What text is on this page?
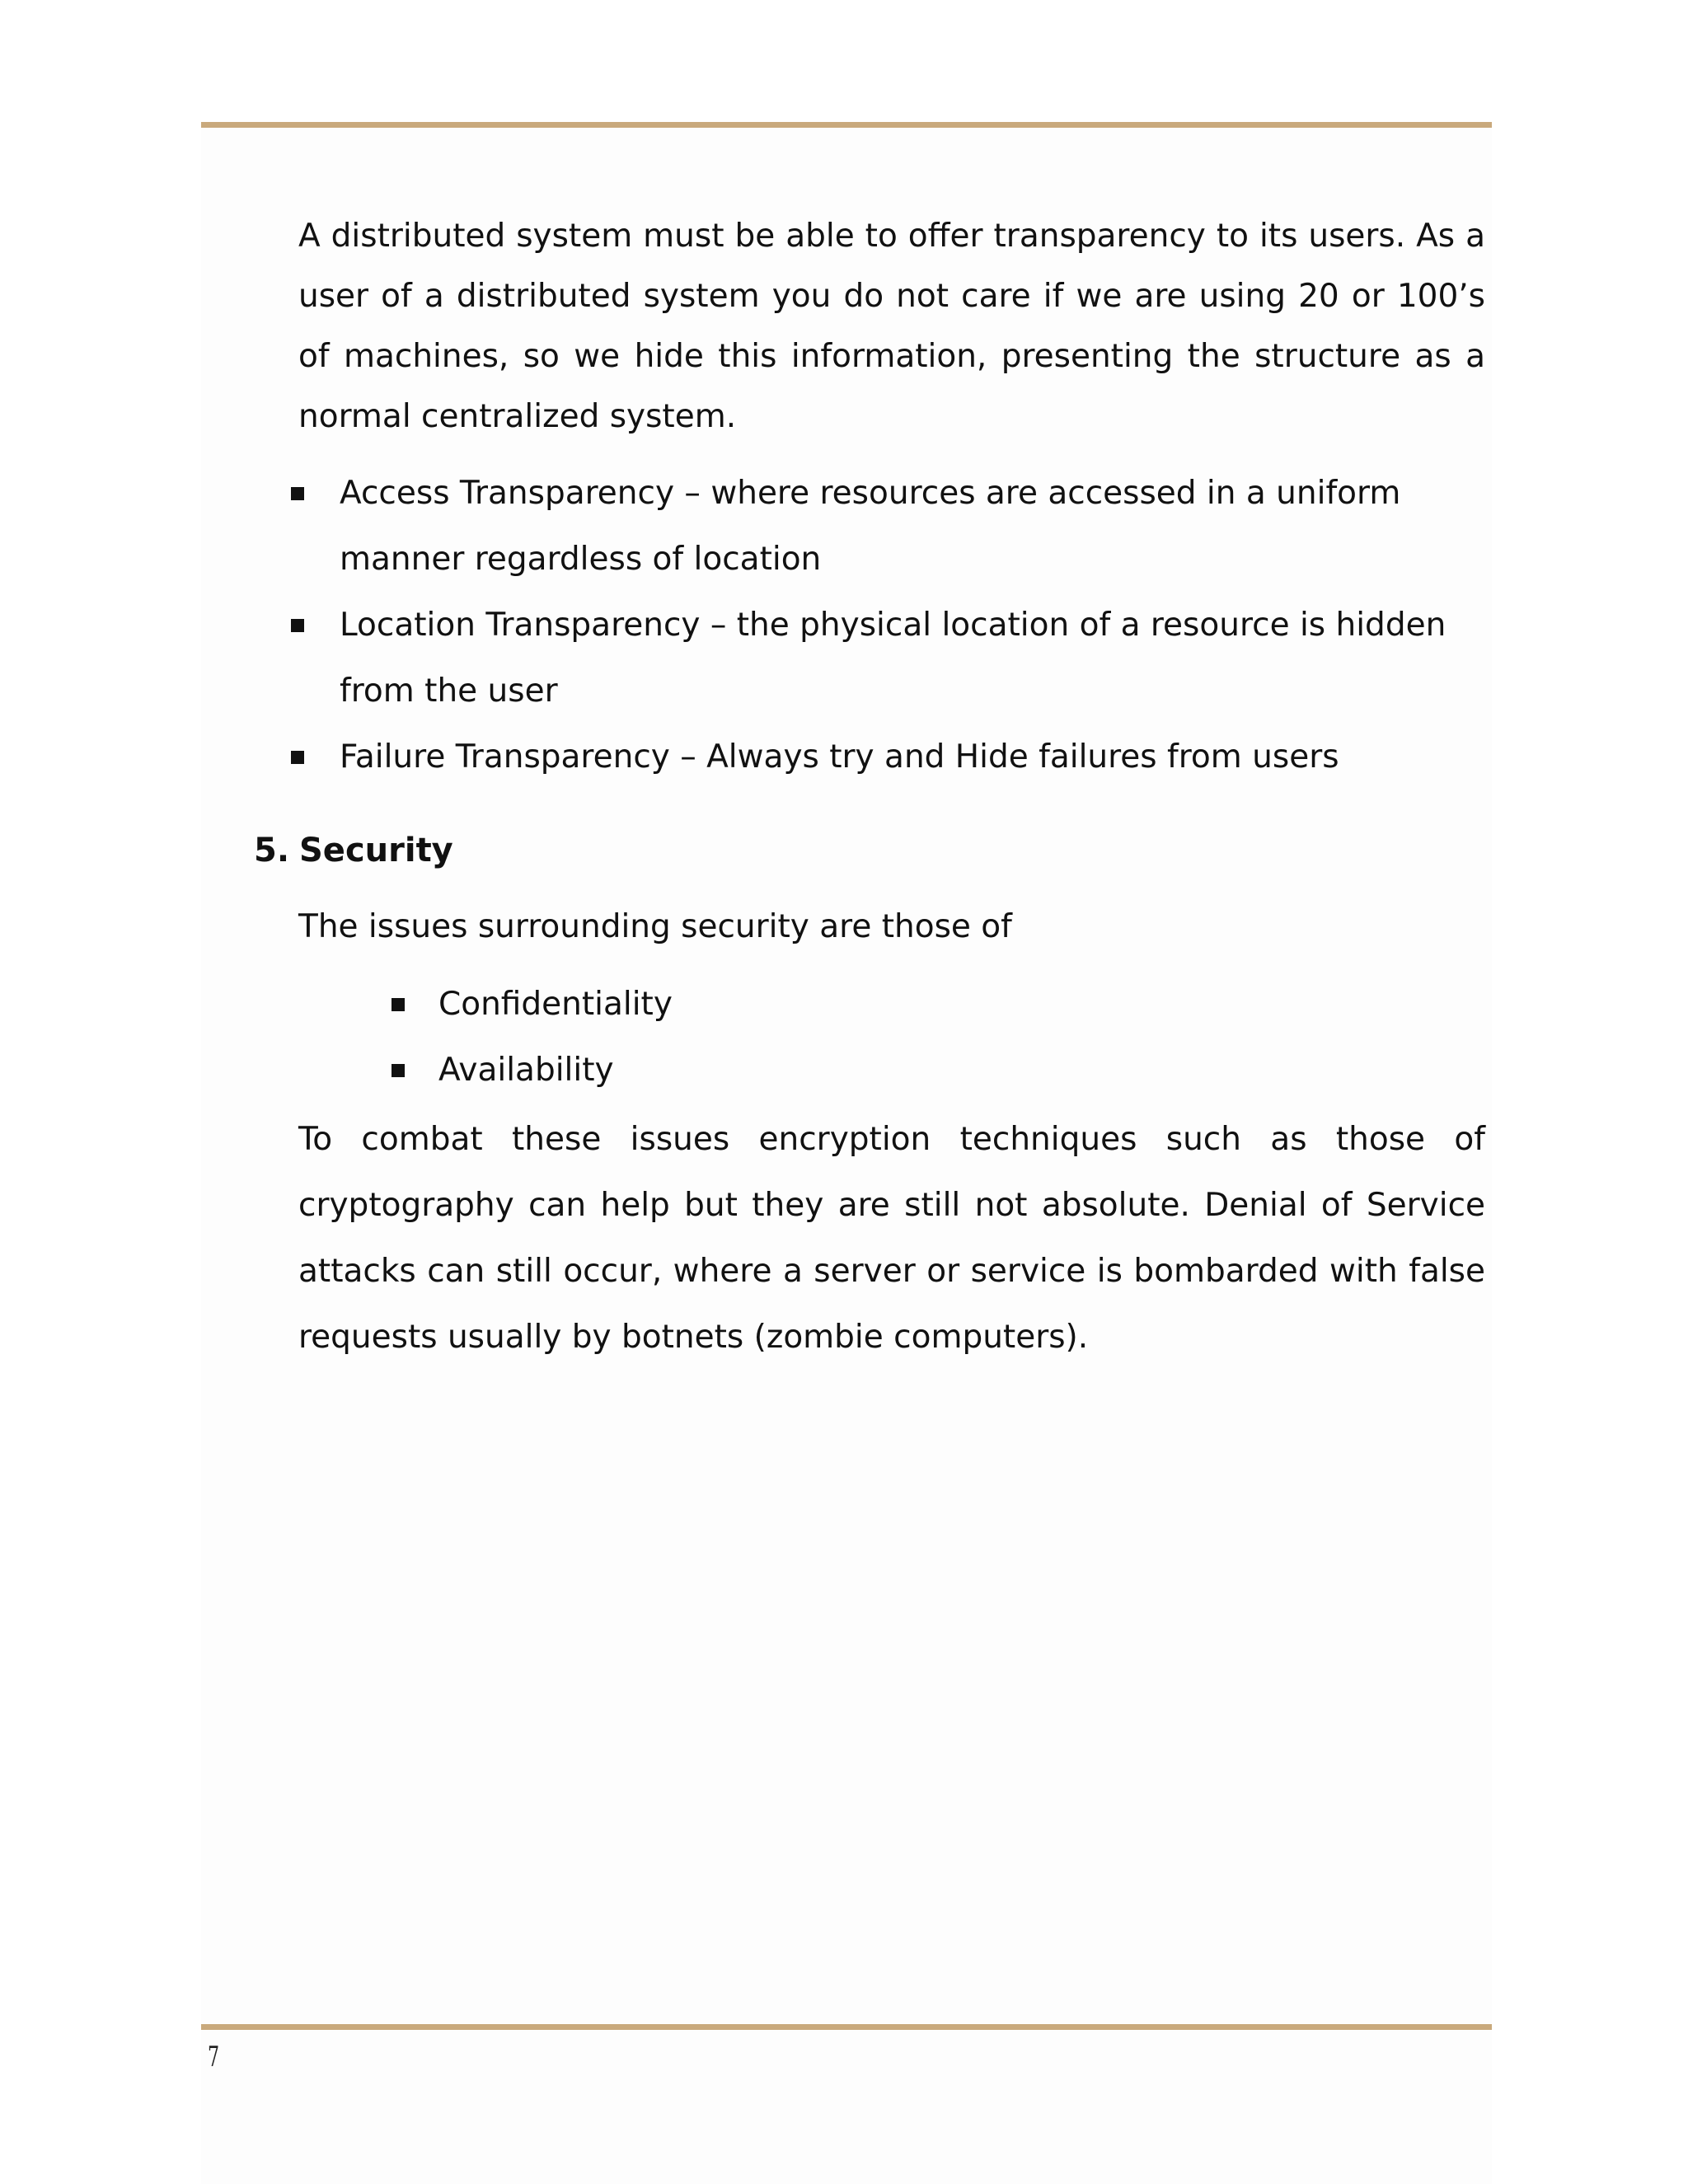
A distributed system must be able to offer transparency to its users. As a user of a distributed system you do not care if we are using 20 or 100’s of machines, so we hide this information, presenting the structure as a normal centralized system.

Access Transparency – where resources are accessed in a uniform manner regardless of location
Location Transparency – the physical location of a resource is hidden from the user
Failure Transparency – Always try and Hide failures from users
5. Security

The issues surrounding security are those of

Confidentiality
Availability

To combat these issues encryption techniques such as those of cryptography can help but they are still not absolute. Denial of Service attacks can still occur, where a server or service is bombarded with false requests usually by botnets (zombie computers).

7
